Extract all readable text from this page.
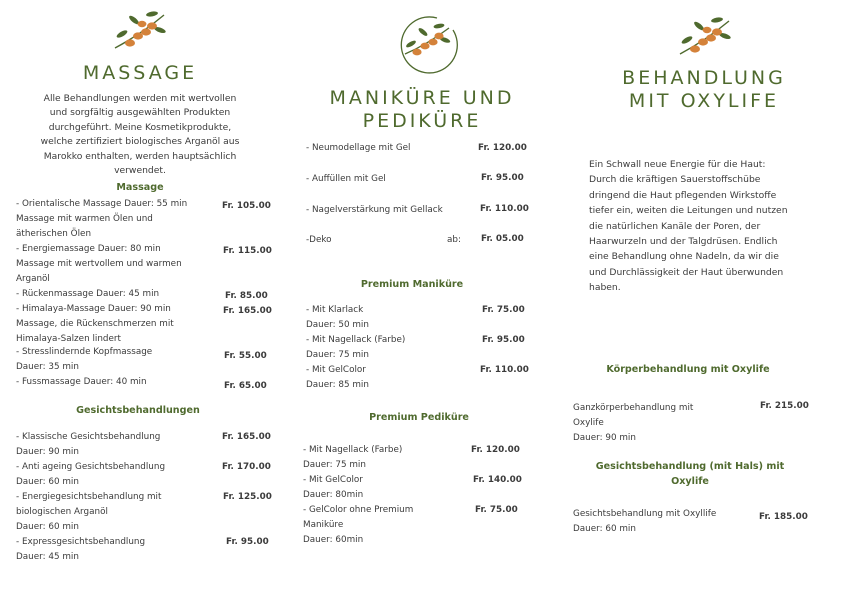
MASSAGE
Alle Behandlungen werden mit wertvollen
und sorgfältig ausgewählten Produkten
durchgeführt. Meine Kosmetikprodukte,
welche zertifiziert biologisches Arganöl aus
Marokko enthalten, werden hauptsächlich
verwendet.
Massage
- Orientalische Massage Dauer: 55 min
Massage mit warmen Ölen und
ätherischen Ölen
Fr. 105.00
- Energiemassage Dauer: 80 min
Massage mit wertvollem und warmen
Arganöl
Fr. 115.00
- Rückenmassage Dauer: 45 min	Fr. 85.00
- Himalaya-Massage Dauer: 90 min
Massage, die Rückenschmerzen mit
Himalaya-Salzen lindert
Fr. 165.00
- Stresslindernde Kopfmassage
Dauer: 35 min
Fr. 55.00
- Fussmassage Dauer: 40 min	Fr. 65.00
Gesichtsbehandlungen
- Klassische Gesichtsbehandlung
Dauer: 90 min
Fr. 165.00
- Anti ageing Gesichtsbehandlung
Dauer: 60 min
Fr. 170.00
- Energiegesichtsbehandlung mit
biologischen Arganöl
Dauer: 60 min
Fr. 125.00
- Expressgesichtsbehandlung
Dauer: 45 min
Fr. 95.00
MANIKÜRE UND
PEDIKÜRE
- Neumodellage mit Gel	Fr. 120.00
- Auffüllen mit Gel	Fr. 95.00
- Nagelverstärkung mit Gellack	Fr. 110.00
-Deko	ab: Fr. 05.00
Premium Maniküre
- Mit Klarlack
Dauer: 50 min
Fr. 75.00
- Mit Nagellack (Farbe)
Dauer: 75 min
Fr. 95.00
- Mit GelColor
Dauer: 85 min
Fr. 110.00
Premium Pediküre
- Mit Nagellack (Farbe)
Dauer: 75 min
Fr. 120.00
- Mit GelColor
Dauer: 80min
Fr. 140.00
- GelColor ohne Premium
Maniküre
Dauer: 60min
Fr. 75.00
BEHANDLUNG
MIT OXYLIFE
Ein Schwall neue Energie für die Haut:
Durch die kräftigen Sauerstoffschübe
dringend die Haut pflegenden Wirkstoffe
tiefer ein, weiten die Leitungen und nutzen
die natürlichen Kanäle der Poren, der
Haarwurzeln und der Talgdrüsen. Endlich
eine Behandlung ohne Nadeln, da wir die
und Durchlässigkeit der Haut überwunden
haben.
Körperbehandlung mit Oxylife
Ganzkörperbehandlung mit
Oxylife
Dauer: 90 min
Fr. 215.00
Gesichtsbehandlung (mit Hals) mit
Oxylife
Gesichtsbehandlung mit Oxyllife
Dauer: 60 min
Fr. 185.00
